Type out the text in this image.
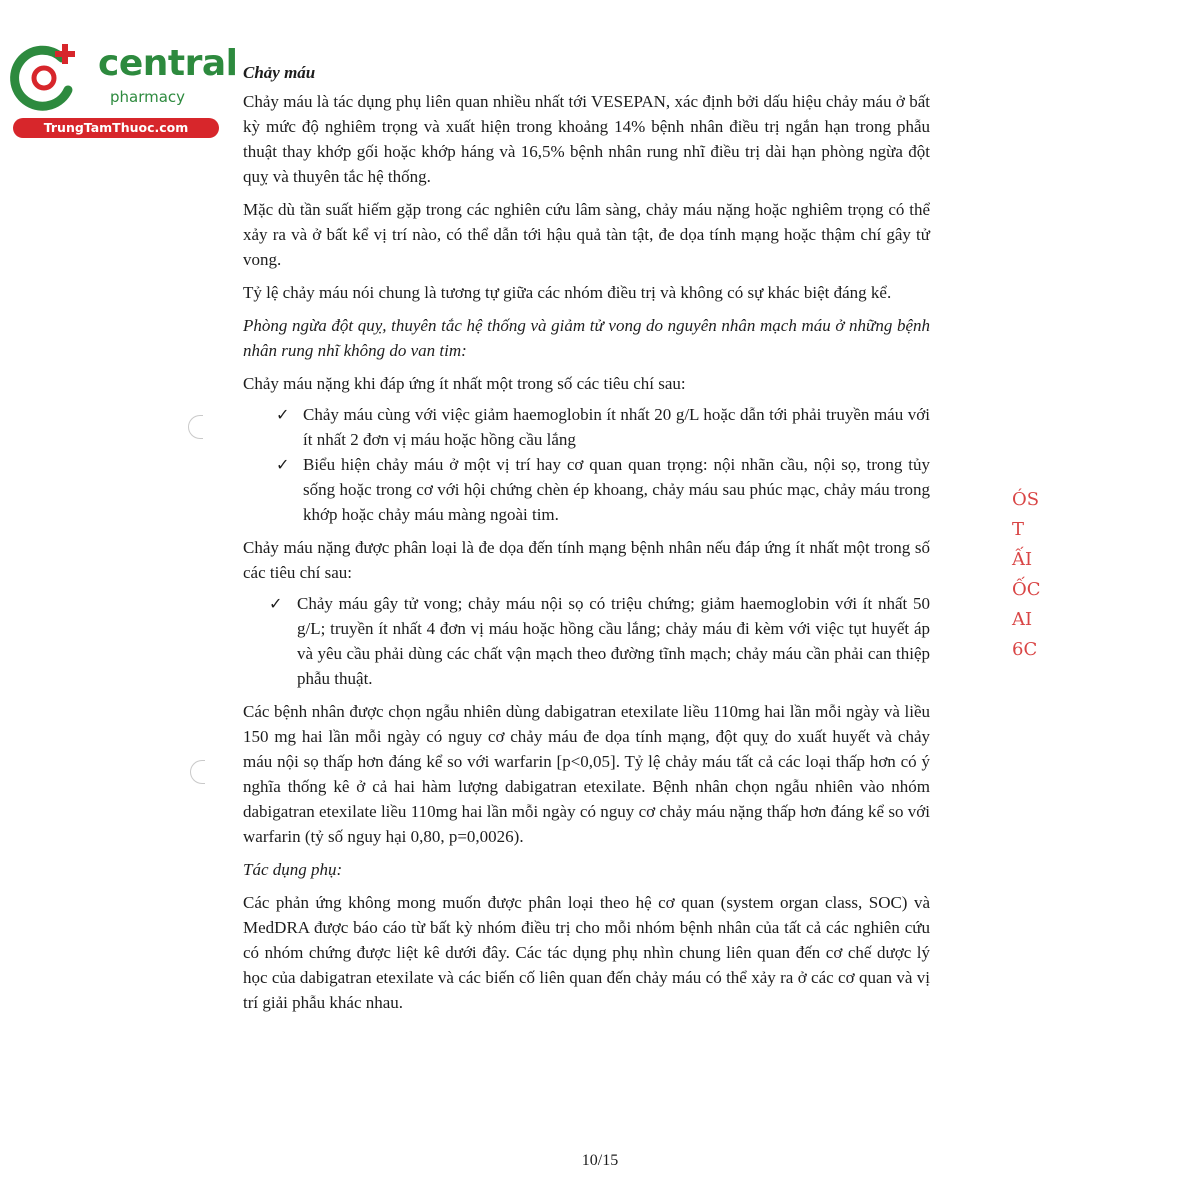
central
pharmacy
TrungTamThuoc.com
ÓS
T
ẤI
ỐC
AI
6C

Chảy máu

Chảy máu là tác dụng phụ liên quan nhiều nhất tới VESEPAN, xác định bởi dấu hiệu chảy máu ở bất kỳ mức độ nghiêm trọng và xuất hiện trong khoảng 14% bệnh nhân điều trị ngắn hạn trong phẫu thuật thay khớp gối hoặc khớp háng và 16,5% bệnh nhân rung nhĩ điều trị dài hạn phòng ngừa đột quỵ và thuyên tắc hệ thống.

Mặc dù tần suất hiếm gặp trong các nghiên cứu lâm sàng, chảy máu nặng hoặc nghiêm trọng có thể xảy ra và ở bất kể vị trí nào, có thể dẫn tới hậu quả tàn tật, đe dọa tính mạng hoặc thậm chí gây tử vong.

Tỷ lệ chảy máu nói chung là tương tự giữa các nhóm điều trị và không có sự khác biệt đáng kể.

Phòng ngừa đột quỵ, thuyên tắc hệ thống và giảm tử vong do nguyên nhân mạch máu ở những bệnh nhân rung nhĩ không do van tim:

Chảy máu nặng khi đáp ứng ít nhất một trong số các tiêu chí sau:

✓ Chảy máu cùng với việc giảm haemoglobin ít nhất 20 g/L hoặc dẫn tới phải truyền máu với ít nhất 2 đơn vị máu hoặc hồng cầu lắng
✓ Biểu hiện chảy máu ở một vị trí hay cơ quan quan trọng: nội nhãn cầu, nội sọ, trong tủy sống hoặc trong cơ với hội chứng chèn ép khoang, chảy máu sau phúc mạc, chảy máu trong khớp hoặc chảy máu màng ngoài tim.

Chảy máu nặng được phân loại là đe dọa đến tính mạng bệnh nhân nếu đáp ứng ít nhất một trong số các tiêu chí sau:

✓ Chảy máu gây tử vong; chảy máu nội sọ có triệu chứng; giảm haemoglobin với ít nhất 50 g/L; truyền ít nhất 4 đơn vị máu hoặc hồng cầu lắng; chảy máu đi kèm với việc tụt huyết áp và yêu cầu phải dùng các chất vận mạch theo đường tĩnh mạch; chảy máu cần phải can thiệp phẫu thuật.

Các bệnh nhân được chọn ngẫu nhiên dùng dabigatran etexilate liều 110mg hai lần mỗi ngày và liều 150 mg hai lần mỗi ngày có nguy cơ chảy máu đe dọa tính mạng, đột quỵ do xuất huyết và chảy máu nội sọ thấp hơn đáng kể so với warfarin [p<0,05]. Tỷ lệ chảy máu tất cả các loại thấp hơn có ý nghĩa thống kê ở cả hai hàm lượng dabigatran etexilate. Bệnh nhân chọn ngẫu nhiên vào nhóm dabigatran etexilate liều 110mg hai lần mỗi ngày có nguy cơ chảy máu nặng thấp hơn đáng kể so với warfarin (tỷ số nguy hại 0,80, p=0,0026).

Tác dụng phụ:

Các phản ứng không mong muốn được phân loại theo hệ cơ quan (system organ class, SOC) và MedDRA được báo cáo từ bất kỳ nhóm điều trị cho mỗi nhóm bệnh nhân của tất cả các nghiên cứu có nhóm chứng được liệt kê dưới đây. Các tác dụng phụ nhìn chung liên quan đến cơ chế dược lý học của dabigatran etexilate và các biến cố liên quan đến chảy máu có thể xảy ra ở các cơ quan và vị trí giải phẫu khác nhau.

10/15
